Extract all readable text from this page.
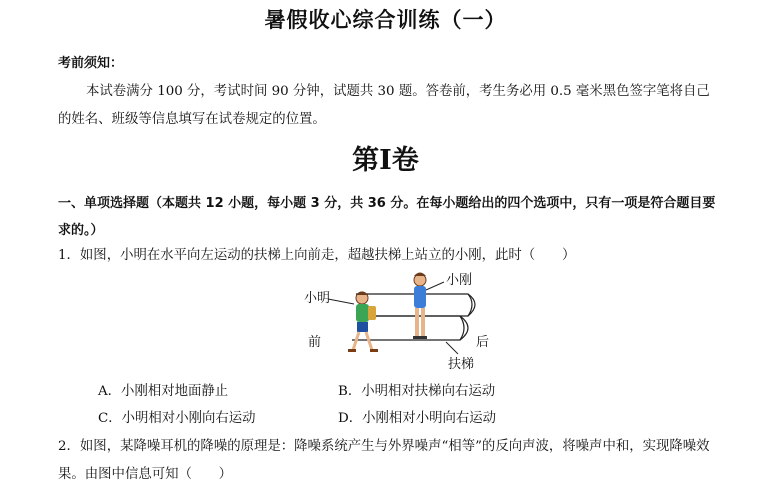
暑假收心综合训练（一）
考前须知：
本试卷满分 100 分，考试时间 90 分钟，试题共 30 题。答卷前，考生务必用 0.5 毫米黑色签字笔将自己的姓名、班级等信息填写在试卷规定的位置。
第Ⅰ卷
一、单项选择题（本题共 12 小题，每小题 3 分，共 36 分。在每小题给出的四个选项中，只有一项是符合题目要求的。）
1．如图，小明在水平向左运动的扶梯上向前走，超越扶梯上站立的小刚，此时（　　）
小刚
小明
前	后
扶梯
A．小刚相对地面静止	B．小明相对扶梯向右运动
C．小明相对小刚向右运动	D．小刚相对小明向右运动
2．如图，某降噪耳机的降噪的原理是：降噪系统产生与外界噪声“相等”的反向声波，将噪声中和，实现降噪效果。由图中信息可知（　　）
